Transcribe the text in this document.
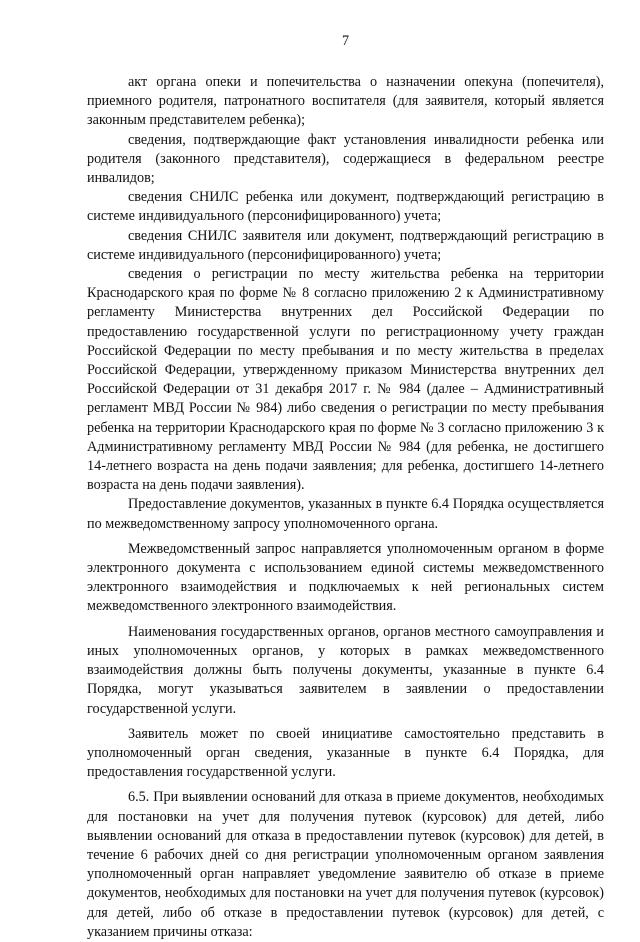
7

акт органа опеки и попечительства о назначении опекуна (попечителя), приемного родителя, патронатного воспитателя (для заявителя, который является законным представителем ребенка);

сведения, подтверждающие факт установления инвалидности ребенка или родителя (законного представителя), содержащиеся в федеральном реестре инвалидов;

сведения СНИЛС ребенка или документ, подтверждающий регистрацию в системе индивидуального (персонифицированного) учета;

сведения СНИЛС заявителя или документ, подтверждающий регистрацию в системе индивидуального (персонифицированного) учета;

сведения о регистрации по месту жительства ребенка на территории Краснодарского края по форме № 8 согласно приложению 2 к Административному регламенту Министерства внутренних дел Российской Федерации по предоставлению государственной услуги по регистрационному учету граждан Российской Федерации по месту пребывания и по месту жительства в пределах Российской Федерации, утвержденному приказом Министерства внутренних дел Российской Федерации от 31 декабря 2017 г. № 984 (далее – Административный регламент МВД России № 984) либо сведения о регистрации по месту пребывания ребенка на территории Краснодарского края по форме № 3 согласно приложению 3 к Административному регламенту МВД России № 984 (для ребенка, не достигшего 14-летнего возраста на день подачи заявления; для ребенка, достигшего 14-летнего возраста на день подачи заявления).

Предоставление документов, указанных в пункте 6.4 Порядка осуществляется по межведомственному запросу уполномоченного органа.

Межведомственный запрос направляется уполномоченным органом в форме электронного документа с использованием единой системы межведомственного электронного взаимодействия и подключаемых к ней региональных систем межведомственного электронного взаимодействия.

Наименования государственных органов, органов местного самоуправления и иных уполномоченных органов, у которых в рамках межведомственного взаимодействия должны быть получены документы, указанные в пункте 6.4 Порядка, могут указываться заявителем в заявлении о предоставлении государственной услуги.

Заявитель может по своей инициативе самостоятельно представить в уполномоченный орган сведения, указанные в пункте 6.4 Порядка, для предоставления государственной услуги.

6.5. При выявлении оснований для отказа в приеме документов, необходимых для постановки на учет для получения путевок (курсовок) для детей, либо выявлении оснований для отказа в предоставлении путевок (курсовок) для детей, в течение 6 рабочих дней со дня регистрации уполномоченным органом заявления уполномоченный орган направляет уведомление заявителю об отказе в приеме документов, необходимых для постановки на учет для получения путевок (курсовок) для детей, либо об отказе в предоставлении путевок (курсовок) для детей, с указанием причины отказа:
